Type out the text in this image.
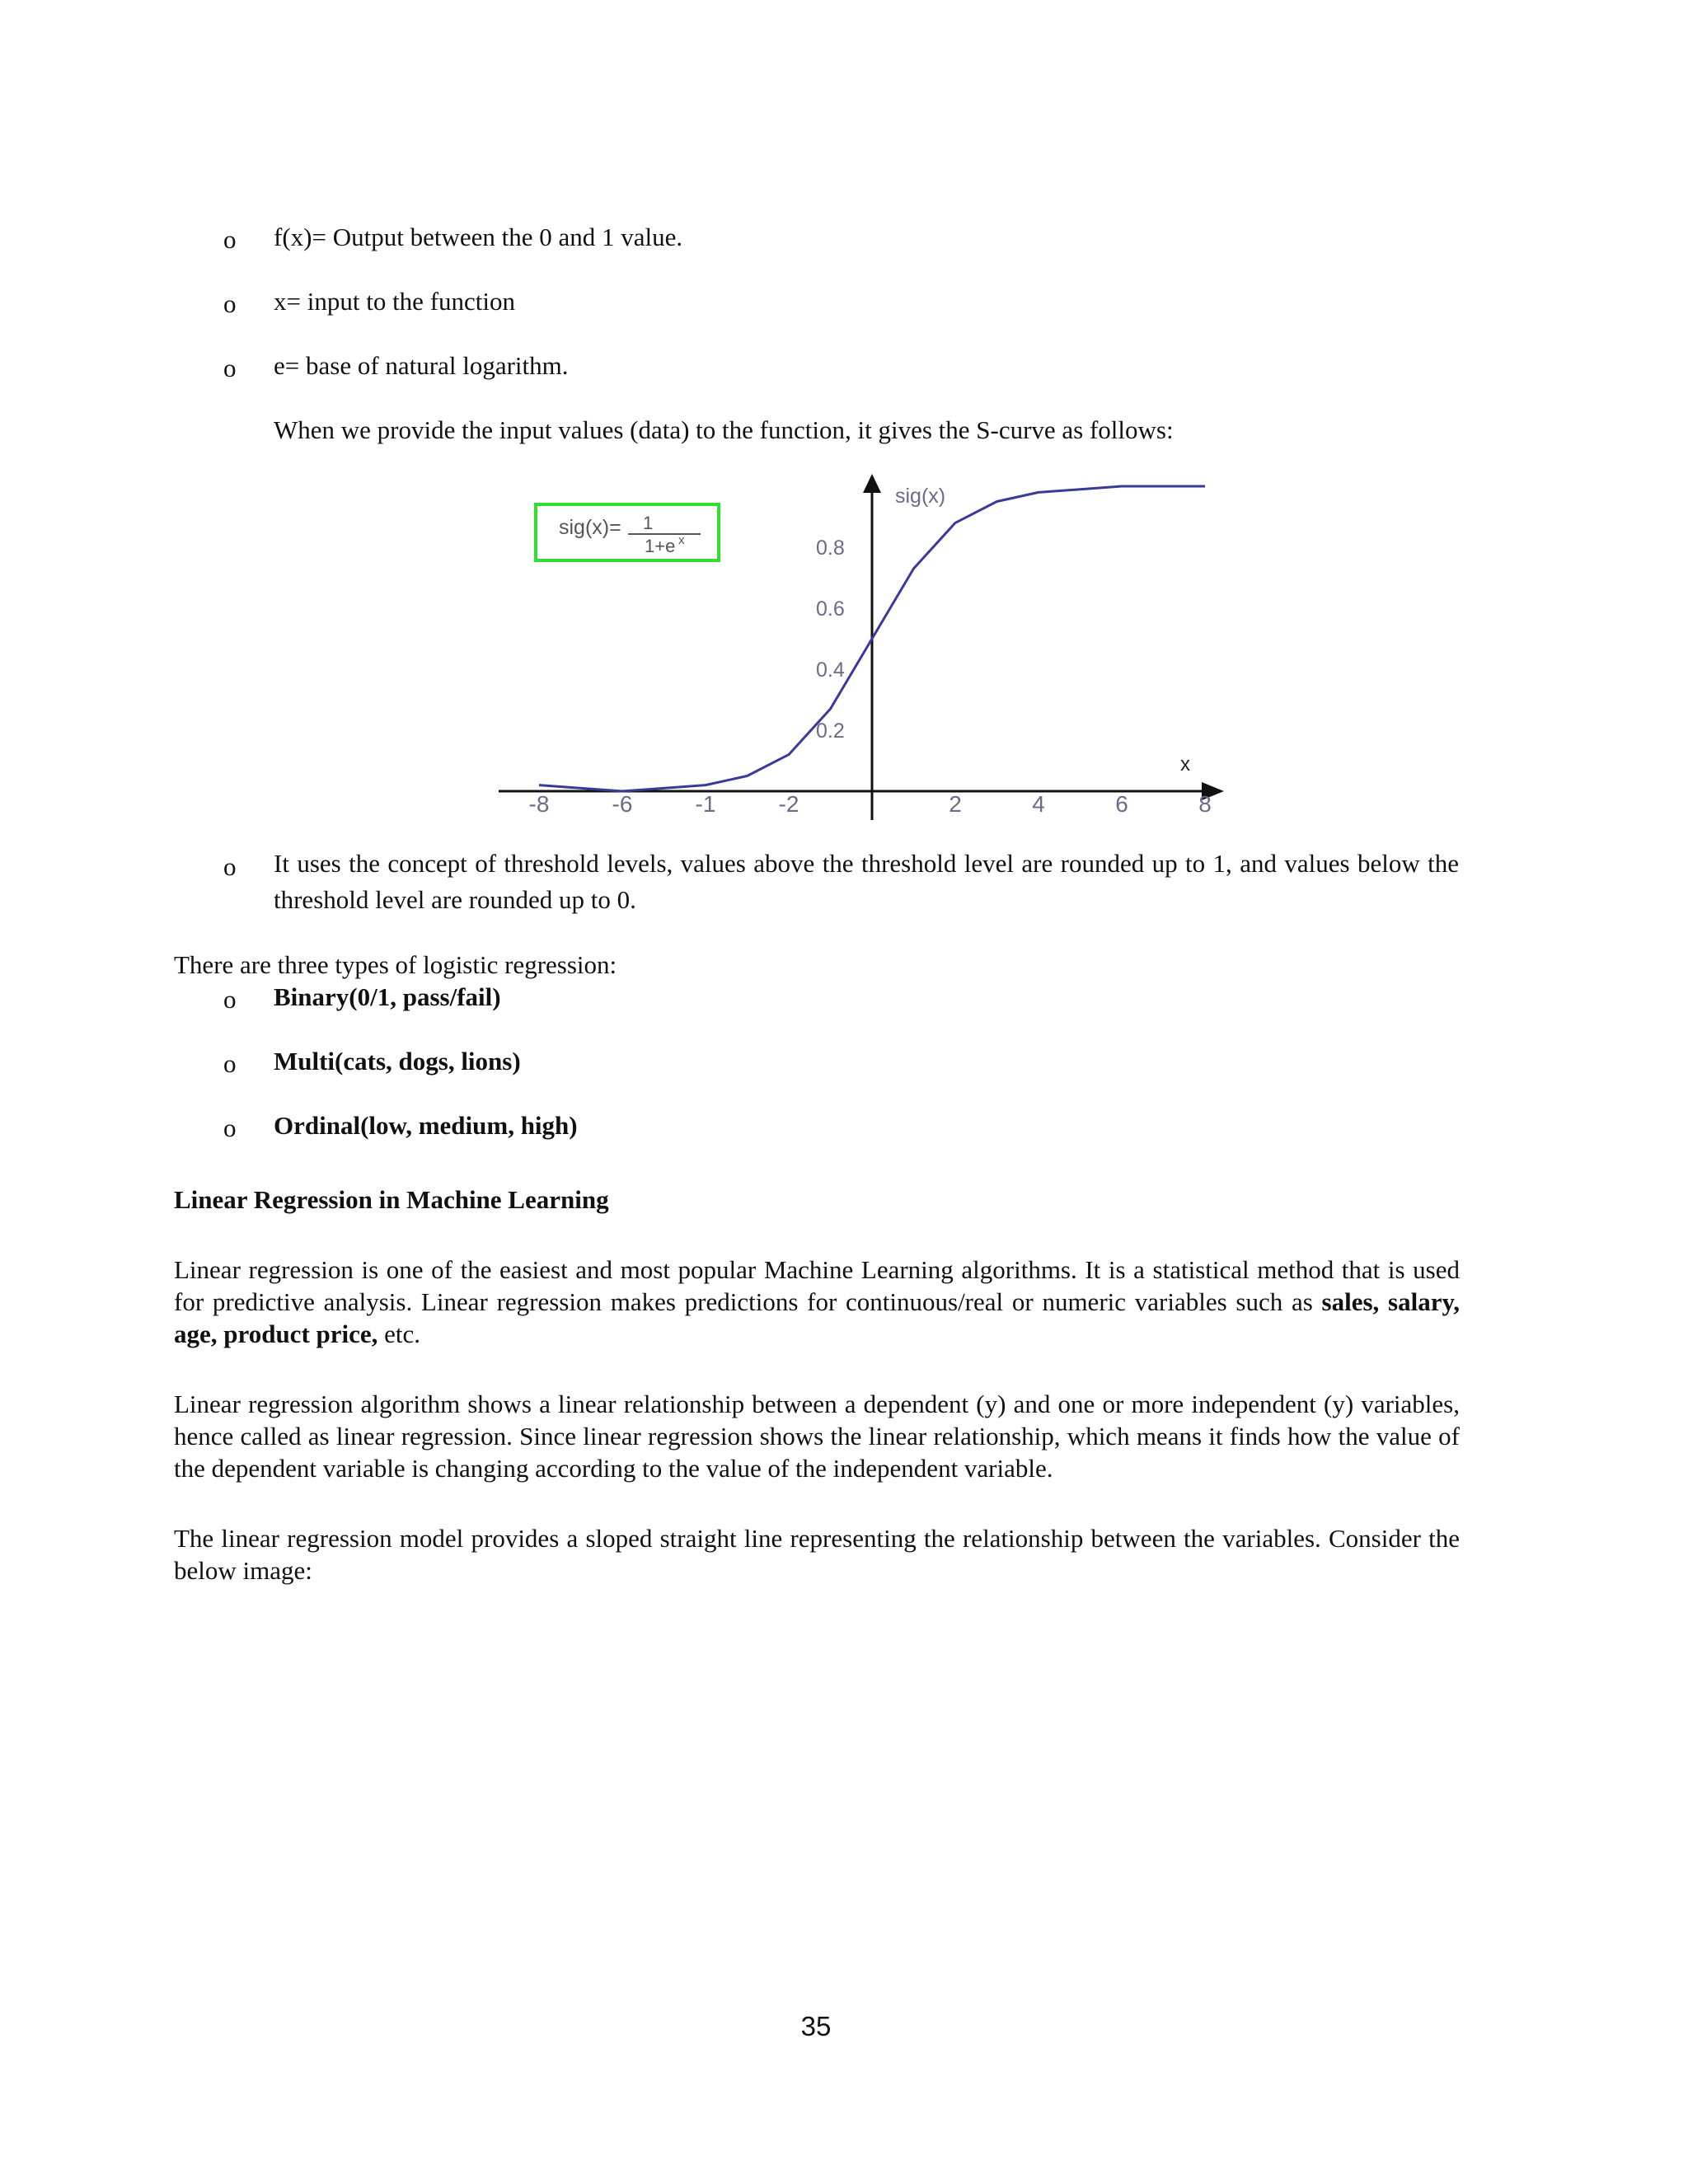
o f(x)= Output between the 0 and 1 value.
o x= input to the function
o e= base of natural logarithm.
When we provide the input values (data) to the function, it gives the S-curve as follows:
sig(x)= 1
1+e x
-8	-6	-1	-2	2	4	6	8
0.8
0.6
0.4
0.2
sig(x)
x
o It uses the concept of threshold levels, values above the threshold level are rounded up to 1, and values below the threshold level are rounded up to 0.
There are three types of logistic regression:
o Binary(0/1, pass/fail)
o Multi(cats, dogs, lions)
o Ordinal(low, medium, high)
Linear Regression in Machine Learning
Linear regression is one of the easiest and most popular Machine Learning algorithms. It is a statistical method that is used for predictive analysis. Linear regression makes predictions for continuous/real or numeric variables such as sales, salary, age, product price, etc.
Linear regression algorithm shows a linear relationship between a dependent (y) and one or more independent (y) variables, hence called as linear regression. Since linear regression shows the linear relationship, which means it finds how the value of the dependent variable is changing according to the value of the independent variable.
The linear regression model provides a sloped straight line representing the relationship between the variables. Consider the below image:
35
